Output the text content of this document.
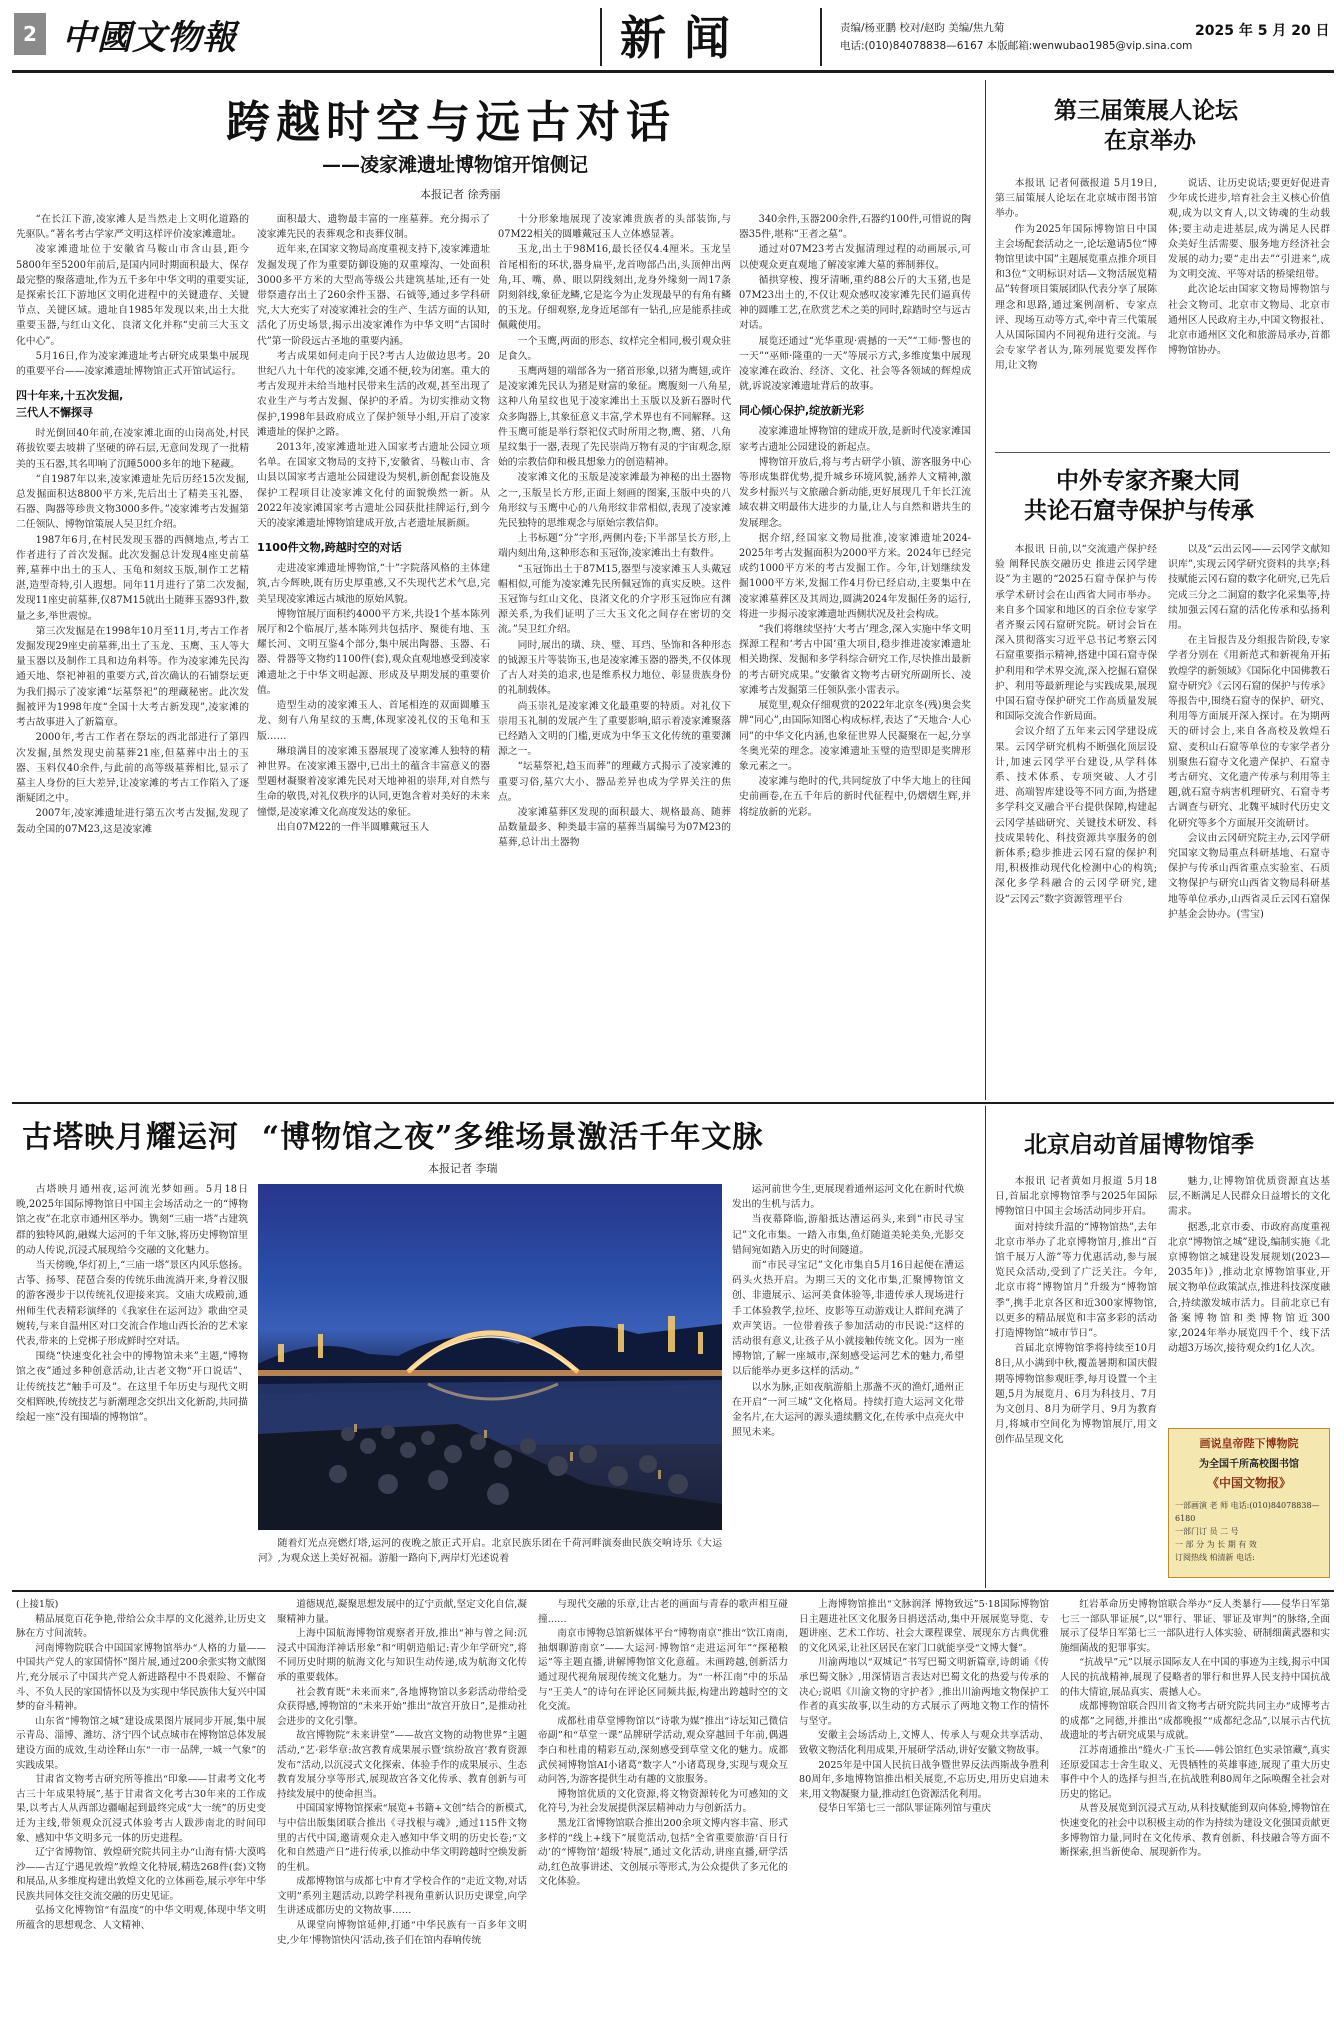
2 中國文物報	新闻	责编/杨亚鹏 校对/赵昀 美编/焦九菊
电话:(010)84078838—6167 本版邮箱:wenwubao1985@vip.sina.com
2025 年 5 月 20 日
跨越时空与远古对话
——凌家滩遗址博物馆开馆侧记
本报记者 徐秀丽

“在长江下游,凌家滩人是当然走上文明化道路的先驱队。”著名考古学家严文明这样评价凌家滩遗址。

凌家滩遗址位于安徽省马鞍山市含山县,距今5800年至5200年前后,是国内同时期面积最大、保存最完整的聚落遗址,作为五千多年中华文明的重要实证,是探索长江下游地区文明化进程中的关键遗存、关键节点、关键区域。遗址自1985年发现以来,出土大批重要玉器,与红山文化、良渚文化并称“史前三大玉文化中心”。

5月16日,作为凌家滩遗址考古研究成果集中展现的重要平台——凌家滩遗址博物馆正式开馆试运行。

四十年来,十五次发掘,
三代人不懈探寻

时光倒回40年前,在凌家滩北面的山岗高处,村民蒋拔钦要去坡耕了坚硬的碎石层,无意间发现了一批精美的玉石器,其名叩响了沉睡5000多年的地下秘藏。

“自1987年以来,凌家滩遗址先后历经15次发掘,总发掘面积达8800平方米,先后出土了精美玉礼器、石器、陶器等珍贵文物3000多件。”凌家滩考古发掘第二任领队、博物馆策展人吴卫红介绍。

1987年6月,在村民发现玉器的西侧地点,考古工作者进行了首次发掘。此次发掘总计发现4座史前墓葬,墓葬中出土的玉人、玉龟和刻纹玉版,制作工艺精湛,造型奇特,引人遐想。同年11月进行了第二次发掘,发现11座史前墓葬,仅87M15就出土随葬玉器93件,数量之多,举世震惊。

第三次发掘是在1998年10月至11月,考古工作者发掘发现29座史前墓葬,出土了玉龙、玉鹰、玉人等大量玉器以及制作工具和边角料等。作为凌家滩先民沟通天地、祭祀神祖的重要方式,首次确认的石铺祭坛更为我们揭示了凌家滩“坛墓祭祀”的理藏秘密。此次发掘被评为1998年度“全国十大考古新发现”,凌家滩的考古故事进入了新篇章。

2000年,考古工作者在祭坛的西北部进行了第四次发掘,虽然发现史前墓葬21座,但墓葬中出土的玉器、玉料仅40余件,与此前的高等级墓葬相比,显示了墓主人身份的巨大差异,让凌家滩的考古工作陷入了逐渐疑团之中。

2007年,凌家滩遗址进行第五次考古发掘,发现了轰动全国的07M23,这是凌家滩

面积最大、遗物最丰富的一座墓葬。充分揭示了凌家滩先民的表葬观念和丧葬仪制。

近年来,在国家文物局高度重视支持下,凌家滩遗址发掘发现了作为重要防御设施的双重壕沟、一处面积3000多平方米的大型高等级公共建筑基址,还有一处带祭遗存出土了260余件玉器、石钺等,通过多学科研究,大大充实了对凌家滩社会的生产、生活方面的认知,活化了历史场景,揭示出凌家滩作为中华文明“古国时代”第一阶段远古圣地的重要内涵。

考古成果如何走向于民?考古人边做边思考。20世纪八九十年代的凌家滩,交通不便,较为闭塞。重大的考古发现并未给当地村民带来生活的改观,甚至出现了农业生产与考古发掘、保护的矛盾。为切实推动文物保护,1998年县政府成立了保护领导小组,开启了凌家滩遗址的保护之路。

2013年,凌家滩遗址进入国家考古遗址公园立项名单。在国家文物局的支持下,安徽省、马鞍山市、含山县以国家考古遗址公园建设为契机,新创配套设施及保护工程项目让凌家滩文化付的面貌焕然一新。从2022年凌家滩国家考古遗址公园获批挂牌运行,到今天的凌家滩遗址博物馆建成开放,古老遗址展新颜。

1100件文物,跨越时空的对话

走进凌家滩遗址博物馆,“十”字院落风格的主体建筑,古今辉映,既有历史厚重感,又不失现代艺术气息,完美呈现凌家滩远古城池的原始风貌。

博物馆展厅面积约4000平方米,共设1个基本陈列展厅和2个临展厅,基本陈列共包括序、聚徙有地、玉耀长河、文明互鉴4个部分,集中展出陶器、玉器、石器、骨器等文物约1100件(套),观众直观地感受到凌家滩遗址之于中华文明起源、形成及早期发展的重要价值。

造型生动的凌家滩玉人、首尾相连的双面圆雕玉龙、刻有八角星纹的玉鹰,体现家凌礼仪的玉龟和玉版……

琳琅满目的凌家滩玉器展现了凌家滩人独特的精神世界。在凌家滩玉器中,已出土的蕴含丰富意义的器型题材凝聚着凌家滩先民对天地神祖的崇拜,对自然与生命的敬畏,对礼仪秩序的认同,更饱含着对美好的未来憧憬,是凌家滩文化高度发达的象征。

出自07M22的一件半圆雕戴冠玉人

十分形象地展现了凌家滩贵族者的头部装饰,与07M22相关的圆雕戴冠玉人立体感显著。

玉龙,出土于98M16,最长径仅4.4厘米。玉龙呈首尾相衔的环状,器身扁平,龙首吻部凸出,头顶伸出两角,耳、嘴、鼻、眼以阴线刻出,龙身外缘刻一周17条阴刻斜线,象征龙鳞,它是迄今为止发现最早的有角有鳞的玉龙。仔细观察,龙身近尾部有一钻孔,应是能系挂或佩戴使用。

一个玉鹰,两面的形态、纹样完全相同,极引观众驻足食久。

玉鹰两翅的端部各为一猪首形象,以猪为鹰翅,或许是凌家滩先民认为猪是财富的象征。鹰腹刻一八角星,这种八角星纹也见于凌家滩出土玉版以及新石器时代众多陶器上,其象征意义丰富,学术界也有不同解释。这件玉鹰可能是举行祭祀仪式时所用之物,鹰、猪、八角星纹集于一器,表现了先民崇尚万物有灵的宇宙观念,原始的宗教信仰和极具想象力的创造精神。

凌家滩文化的玉版是凌家滩最为神秘的出土器物之一,玉版呈长方形,正面上刻画的图案,玉版中央的八角形纹与玉鹰中心的八角形纹非常相似,表现了凌家滩先民独特的思维观念与原始宗教信仰。

上书标题“分”字形,两侧内卷;下半部呈长方形,上端内刻出角,这种形态和玉冠饰,凌家滩出土有数件。

“玉冠饰出土于87M15,器型与凌家滩玉人头戴冠帽相似,可能为凌家滩先民所佩冠饰的真实反映。这件玉冠饰与红山文化、良渚文化的介字形玉冠饰应有渊源关系,为我们证明了三大玉文化之间存在密切的交流。”吴卫红介绍。

同时,展出的璜、玦、璧、耳珰、坠饰和各种形态的钺源玉片等装饰玉,也是凌家滩玉器的器类,不仅体现了古人对美的追求,也是维系权力地位、彰显贵族身份的礼制载体。

尚玉崇礼是凌家滩文化最重要的特质。对礼仪下崇用玉礼制的发展产生了重要影响,昭示着凌家滩聚落已经踏入文明的门槛,更成为中华玉文化传统的重要渊源之一。

“坛墓祭祀,趋玉而葬”的理藏方式揭示了凌家滩的重要习俗,墓穴大小、器品差异也成为学界关注的焦点。

凌家滩墓葬区发现的面积最大、规格最高、随葬品数量最多、种类最丰富的墓葬当属编号为07M23的墓葬,总计出土器物

340余件,玉器200余件,石器约100件,可惜说的陶器35件,堪称“王者之墓”。

通过对07M23考古发掘清理过程的动画展示,可以使观众更直观地了解凌家滩大墓的葬制葬仪。

循拱穿梭、搜牙清晰,重约88公斤的大玉猪,也是07M23出土的,不仅让观众感叹凌家滩先民们逼真传神的圆雕工艺,在欣赏艺术之美的同时,踪踏时空与远古对话。

展览还通过“光华重现·震撼的一天”“工师·警也的一天”“巫师·隆重的一天”等展示方式,多维度集中展现凌家滩在政治、经济、文化、社会等各领域的辉煌成就,诉说凌家滩遗址背后的故事。

同心倾心保护,绽放新光彩

凌家滩遗址博物馆的建成开放,是新时代凌家滩国家考古遗址公园建设的新起点。

博物馆开放后,将与考古研学小镇、游客服务中心等形成集群优势,提升城乡环境风貌,涵养人文精神,激发乡村振兴与文旅融合新动能,更好展现几千年长江流域农耕文明最伟大进步的力量,让人与自然和谐共生的发展理念。

据介绍,经国家文物局批准,凌家滩遗址2024-2025年考古发掘面积为2000平方米。2024年已经完成约1000平方米的考古发掘工作。今年,计划继续发掘1000平方米,发掘工作4月份已经启动,主要集中在凌家滩墓葬区及其周边,圆满2024年发掘任务的运行,将进一步揭示凌家滩遗址西侧状况及社会构成。

“我们将继续坚持‘大考古’理念,深入实施中华文明探源工程和‘考古中国’重大项目,稳步推进凌家滩遗址相关勘探、发掘和多学科综合研究工作,尽快推出最新的考古研究成果。”安徽省文物考古研究所副所长、凌家滩考古发掘第三任领队张小雷表示。

展览里,观众仔细观赏的2022年北京冬(残)奥会奖牌“同心”,由国际知图心构成标样,表达了“天地合·人心同”的中华文化内涵,也象征世界人民凝聚在一起,分享冬奥光荣的理念。凌家滩遗址玉璧的造型即是奖牌形象元素之一。

凌家滩与绝时的代,共同绽放了中华大地上的往闻史前画卷,在五千年后的新时代征程中,仍熠熠生辉,并将绽放新的光彩。

第三届策展人论坛
在京举办

本报讯 记者何薇报道 5月19日,第三届策展人论坛在北京城市图书馆举办。

作为2025年国际博物馆日中国主会场配套活动之一,论坛邀请5位“博物馆里读中国”主题展览重点推介项目和3位“文明标识对话—文物活展览精品”转督项目策展团队代表分享了展陈理念和思路,通过案例剖析、专家点评、现场互动等方式,牵中青三代策展人从国际国内不同视角进行交流。与会专家学者认为,陈列展览要发挥作用,让文物

说话、让历史说话;要更好促进青少年成长进步,培育社会主义核心价值观,成为以文育人,以文铸魂的生动载体;要主动走进基层,成为满足人民群众美好生活需要、服务地方经济社会发展的动力;要“走出去”“引进来”,成为文明交流、平等对话的桥梁纽带。

此次论坛由国家文物局博物馆与社会文物司、北京市文物局、北京市通州区人民政府主办,中国文物报社、北京市通州区文化和旅游局承办,首都博物馆协办。

中外专家齐聚大同
共论石窟寺保护与传承

本报讯 日前,以“交流遗产保护经验 阐释民族交融历史 推进云冈学建设”为主题的“2025石窟寺保护与传承学术研讨会在山西省大同市举办。来自多个国家和地区的百余位专家学者齐聚云冈石窟研究院。研讨会旨在深入贯彻落实习近平总书记考察云冈石窟重要指示精神,搭建中国石窟寺保护利用和学术界交流,深入挖掘石窟保护、利用等最新理论与实践成果,展现中国石窟寺保护研究工作高质量发展和国际交流合作新局面。

会议介绍了五年来云冈学建设成果。云冈学研究机构不断强化顶层设计,加速云冈学平台建设,从学科体系、技术体系、专项突破、人才引进、高端智库建设等不同方面,为搭建多学科交叉融合平台提供保障,构建起云冈学基础研究、关键技术研发、科技成果转化、科技资源共享服务的创新体系;稳步推进云冈石窟的保护利用,积极推动现代化检测中心的构筑;深化多学科融合的云冈学研究,建设“云冈云”数字资源管理平台

以及“云出云冈——云冈学文献知识库”,实现云冈学研究资料的共享;科技赋能云冈石窟的数字化研究,已先后完成三分之二洞窟的数字化采集等,持续加强云冈石窟的活化传承和弘扬利用。

在主旨报告及分组报告阶段,专家学者分别在《用新范式和新视角开拓敦煌学的新领域》《国际化中国佛教石窟寺研究》《云冈石窟的保护与传承》等报告中,围绕石窟寺的保护、研究、利用等方面展开深入探讨。在为期两天的研讨会上,来自各高校及敦煌石窟、麦积山石窟等单位的专家学者分别聚焦石窟寺文化遗产保护、石窟寺考古研究、文化遗产传承与利用等主题,就石窟寺病害机理研究、石窟寺考古调查与研究、北魏平城时代历史文化研究等多个方面展开交流研讨。

会议由云冈研究院主办,云冈学研究国家文物局重点科研基地、石窟寺保护与传承山西省重点实验室、石质文物保护与研究山西省文物局科研基地等单位承办,山西省灵丘云冈石窟保护基金会协办。(雪宝)

古塔映月耀运河  “博物馆之夜”多维场景激活千年文脉
本报记者 李瑞

古塔映月通州夜,运河流光梦如画。5月18日晚,2025年国际博物馆日中国主会场活动之一的“博物馆之夜”在北京市通州区举办。镌刻“三庙一塔”古建筑群的独特风韵,融媒大运河的千年文脉,将历史博物馆里的动人传说,沉浸式展现给今交融的文化魅力。

当天傍晚,华灯初上,“三庙一塔”景区内风乐悠扬。古筝、扬琴、琵琶合奏的传统乐曲流淌开来,身着汉服的游客漫步于以传统礼仪迎接来宾。文庙大成殿前,通州师生代表精彩演绎的《我家住在运河边》歌曲空灵婉转,与来自温州区对口交流合作地山西长治的艺术家代表,带来的上党梆子形成鲜时空对话。

围绕“快速变化社会中的博物馆未来”主题,“博物馆之夜”通过多种创意活动,让古老文物“开口说话”、让传统技艺“触手可及”。在这里千年历史与现代文明交相辉映,传统技艺与新潮理念交织出文化新韵,共同描绘起一座“没有围墙的博物馆”。

随着灯光点亮燃灯塔,运河的夜晚之旅正式开启。北京民族乐团在千荷河畔演奏曲民族交响诗乐《大运河》,为观众送上美好祝福。游船一路向下,两岸灯光述说着

运河前世今生,更展现着通州运河文化在新时代焕发出的生机与活力。

当夜幕降临,游船抵达漕运码头,来到“市民寻宝记”文化市集。一踏入市集,鱼灯随道美轮美奂,光影交错间宛如踏入历史的时间隧道。

而“市民寻宝记”文化市集自5月16日起便在漕运码头火热开启。为期三天的文化市集,汇聚博物馆文创、非遗展示、运河美食体验等,非遗传承人现场进行手工体验教学,拉坯、皮影等互动游戏让人群间充满了欢声笑语。一位带着孩子参加活动的市民说:“这样的活动很有意义,让孩子从小就接触传统文化。因为一座博物馆,了解一座城市,深刻感受运河艺术的魅力,希望以后能举办更多这样的活动。”

以水为脉,正如夜航游船上那盏不灭的渔灯,通州正在开启“一河三城”文化格局。持续打造大运河文化带金名片,在大运河的源头遗续鹏文化,在传承中点亮火中照见未来。

北京启动首届博物馆季

本报讯 记者黄如月报道 5月18日,首届北京博物馆季与2025年国际博物馆日中国主会场活动同步开启。

面对持续升温的“博物馆热”,去年北京市举办了北京博物馆月,推出“百馆千展万人游”等力优惠活动,参与展览民众活动,受到了广泛关注。今年,北京市将“博物馆月”升级为“博物馆季”,携手北京各区和近300家博物馆,以更多的精品展览和丰富多彩的活动打造博物馆“城市节日”。

首届北京博物馆季将持续至10月8日,从小满到中秋,覆盖暑期和国庆假期等博物馆参观旺季,每月设置一个主题,5月为展览月、6月为科技月、7月为文创月、8月为研学月、9月为教育月,将城市空间化为博物馆展厅,用文创作品呈现文化

魅力,让博物馆优质资源直达基层,不断满足人民群众日益增长的文化需求。

据悉,北京市委、市政府高度重视北京“博物馆之城”建设,编制实施《北京博物馆之城建设发展规划(2023—2035年)》,推动北京博物馆事业,开展文物单位政策試点,推进科技深度融合,持续激发城市活力。目前北京已有备案博物馆和类博物馆近300家,2024年举办展览四千个、线下活动超3万场次,接待观众约1亿人次。

画说皇帝陛下博物院
为全国千所高校图书馆
《中国文物报》
一部画演 老 师 电话:(010)84078838—6180
一部门订 员 二 号
一 部 分 为 长 期 有 效
订阅热线 柏清新 电话:

(上接1版)

精品展览百花争艳,带给公众丰厚的文化滋养,让历史文脉在方寸间流转。

河南博物院联合中国国家博物馆举办“人格的力量——中国共产党人的家国情怀”图片展,通过200余张实物文献图片,充分展示了中国共产党人新进路程中不畏艰险、不懈奋斗、不负人民的家国情怀以及为实现中华民族伟大复兴中国梦的奋斗精神。

山东省“博物馆之城”建设成果图片展同步开展,集中展示青岛、淄博、潍坊、济宁四个试点城市在博物馆总体发展建设方面的成效,生动诠释山东“一市一品牌,一城一气象”的实践成果。

甘肃省文物考古研究所等推出“印象——甘肃考文化考古三十年成果特展”,基于甘肃省文化考古30年来的工作成果,以考古人从西部边疆崛起到最终完成“大一统”的历史变迁为主线,带领观众沉浸式体验考古人跋涉南北的时间印象、感知中华文明多元一体的历史进程。

辽宁省博物馆、敦煌研究院共同主办“山海有情·大漠鸣沙——古辽宁遇见敦煌”敦煌文化特展,精选268件(套)文物和展品,从多维度构建出敦煌文化的立体画卷,展示亭年中华民族共同体交往交流交融的历史见证。

弘扬文化博物馆“有温度”的中华文明观,体现中华文明所蕴含的思想观念、人文精神、

道德规范,凝聚思想发展中的辽宁贡献,坚定文化自信,凝聚精神力量。

上海中国航海博物馆观察者开放,推出“神与曾之间:沉浸式中国海洋神话形象”和“明朝造船记:青少年学研究”,将不同历史时期的航海文化与知识生动传递,成为航海文化传承的重要载体。

社会教育既“未来而来”,各地博物馆以多彩活动带给受众获得感,博物馆的“未来开始”推出“故宫开放日”,是推动社会进步的文化引擎。

故宫博物院“未来讲堂”——故宫文物的动物世界”主题活动,“艺·彩华章:故宫教育成果展示暨‘缤纷故宫’教育资源发布”活动,以沉浸式文化探索、体验手作的成果展示、生态教育发展分享等形式,展现故宫各文化传承、教育创新与可持续发展中的使命担当。

中国国家博物馆探索“展览+书籍+文创”结合的新模式,与中信出版集团联合推出《寻找根与魂》,通过115件文物里的古代中国,邀请观众走入感知中华文明的历史长卷;“文化和自然遗产日”进行传承,以推动中华文明跨越时空焕发新的生机。

成都博物馆与成都七中育才学校合作的“走近文物,对话文明”系列主题活动,以跨学科视角重新认识历史课堂,向学生讲述成都历史的文物故事……

从课堂向博物馆延伸,打通“中华民族有一百多年文明史,少年‘博物馆快闪’活动,孩子们在馆内春响传统

与现代交融的乐章,让古老的画面与青春的歌声相互碰撞……

南京市博物总馆新媒体平台“博物南京”推出“饮江南南,抽烟聊游南京”——大运河·博物馆“走进运河年”“探秘粮运”等主题直播,讲解博物馆文化意蕴。未画跨越,创新活力通过现代视角展现传统文化魅力。为“一杯江南”中的乐品与“王美人”的诗句在评论区同频共振,构建出跨越时空的文化交流。

成都杜甫草堂博物馆以“诗歌为媒”推出“诗坛知己微信帝副”和“草堂一课”品牌研学活动,观众穿越回千年前,偶遇李白和杜甫的精彩互动,深刻感受到草堂文化的魅力。成都武侯祠博物馆AI小诸葛“数字人”小诸葛现身,实现与观众互动问答,为游客提供生动有趣的文旅服务。

博物馆优质的文化资源,将文物资源转化为可感知的文化符号,为社会发展提供深层精神动力与创新活力。

黑龙江省博物馆联合推出200余项文博内容丰富、形式多样的“线上+线下”展览活动,包括“全省重要旅游‘百日行动’的“博物馆‘超级’特展”,通过文化活动,讲座直播,研学活动,红色故事讲述、文创展示等形式,为公众提供了多元化的文化体验。

上海博物馆推出“文脉润泽 博物致远”5·18国际博物馆日主题进社区文化服务日捐送活动,集中开展展览导览、专题讲座、艺术工作坊、社会大课程课堂、展现东方古典优雅的文化风采,让社区居民在家门口就能享受“文博大餐”。

川渝两地以“双城记”书写巴蜀文明新篇章,诗朗诵《传承巴蜀文脉》,用深情语言表达对巴蜀文化的热爱与传承的决心;说唱《川渝文物的守护者》,推出川渝两地文物保护工作者的真实故事,以生动的方式展示了两地文物工作的情怀与坚守。

安徽主会场活动上,文博人、传承人与观众共享活动、致敬文物活化利用成果,开展研学活动,讲好安徽文物故事。

2025年是中国人民抗日战争暨世界反法西斯战争胜利80周年,多地博物馆推出相关展览,不忘历史,用历史启迪未来,用文物凝聚力量,推动红色资源活化利用。

侵华日军第七三一部队罪证陈列馆与重庆

红岩革命历史博物馆联合举办“反人类暴行——侵华日军第七三一部队罪证展”,以“罪行、罪证、罪证及审判”的脉络,全面展示了侵华日军第七三一部队进行人体实验、研制细菌武器和实施细菌战的犯罪事实。

“抗战早”元”以展示国际友人在中国的事迹为主线,揭示中国人民的抗战精神,展现了侵略者的罪行和世界人民支持中国抗战的伟大情谊,展品真实、震撼人心。

成都博物馆联合四川省文物考古研究院共同主办“成博考古的成都”之同德,并推出“成都晚报”“成都纪念品”,以展示古代抗战遗址的考古研究成果与成就。

江苏南通推出“缝火·广玉长——韩公馆红色实录馆藏”,真实还原爱国志士舍生取义、无畏牺牲的英雄事迹,展现了重大历史事件中个人的选择与担当,在抗战胜利80周年之际唤醒全社会对历史的铭记。

从普及展览到沉浸式互动,从科技赋能到双向体验,博物馆在快速变化的社会中以积极主动的作为持续为建设文化强国贡献更多博物馆力量,同时在文化传承、教育创新、科技融合等方面不断探索,担当新使命、展现新作为。
